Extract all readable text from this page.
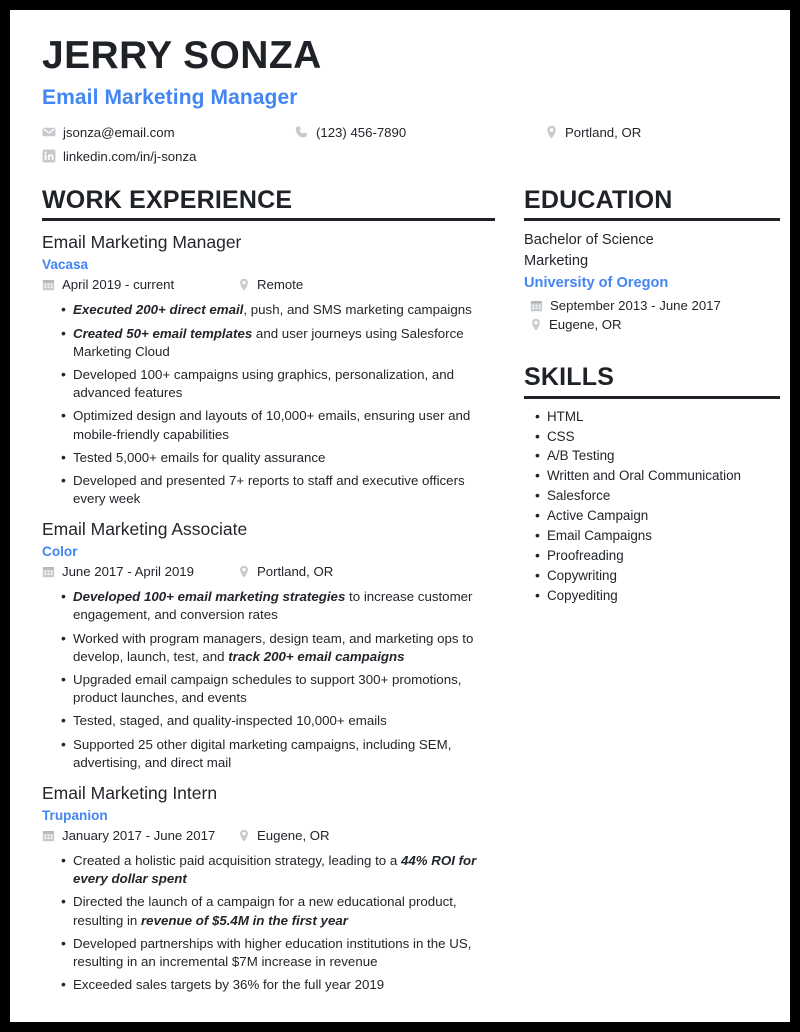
JERRY SONZA
Email Marketing Manager
jsonza@email.com	(123) 456-7890	Portland, OR
linkedin.com/in/j-sonza
WORK EXPERIENCE
Email Marketing Manager
Vacasa
April 2019 - current	Remote
• Executed 200+ direct email, push, and SMS marketing campaigns
• Created 50+ email templates and user journeys using Salesforce Marketing Cloud
• Developed 100+ campaigns using graphics, personalization, and advanced features
• Optimized design and layouts of 10,000+ emails, ensuring user and mobile-friendly capabilities
• Tested 5,000+ emails for quality assurance
• Developed and presented 7+ reports to staff and executive officers every week
Email Marketing Associate
Color
June 2017 - April 2019	Portland, OR
• Developed 100+ email marketing strategies to increase customer engagement, and conversion rates
• Worked with program managers, design team, and marketing ops to develop, launch, test, and track 200+ email campaigns
• Upgraded email campaign schedules to support 300+ promotions, product launches, and events
• Tested, staged, and quality-inspected 10,000+ emails
• Supported 25 other digital marketing campaigns, including SEM, advertising, and direct mail
Email Marketing Intern
Trupanion
January 2017 - June 2017	Eugene, OR
• Created a holistic paid acquisition strategy, leading to a 44% ROI for every dollar spent
• Directed the launch of a campaign for a new educational product, resulting in revenue of $5.4M in the first year
• Developed partnerships with higher education institutions in the US, resulting in an incremental $7M increase in revenue
• Exceeded sales targets by 36% for the full year 2019
EDUCATION
Bachelor of Science
Marketing
University of Oregon
September 2013 - June 2017
Eugene, OR
SKILLS
• HTML
• CSS
• A/B Testing
• Written and Oral Communication
• Salesforce
• Active Campaign
• Email Campaigns
• Proofreading
• Copywriting
• Copyediting
